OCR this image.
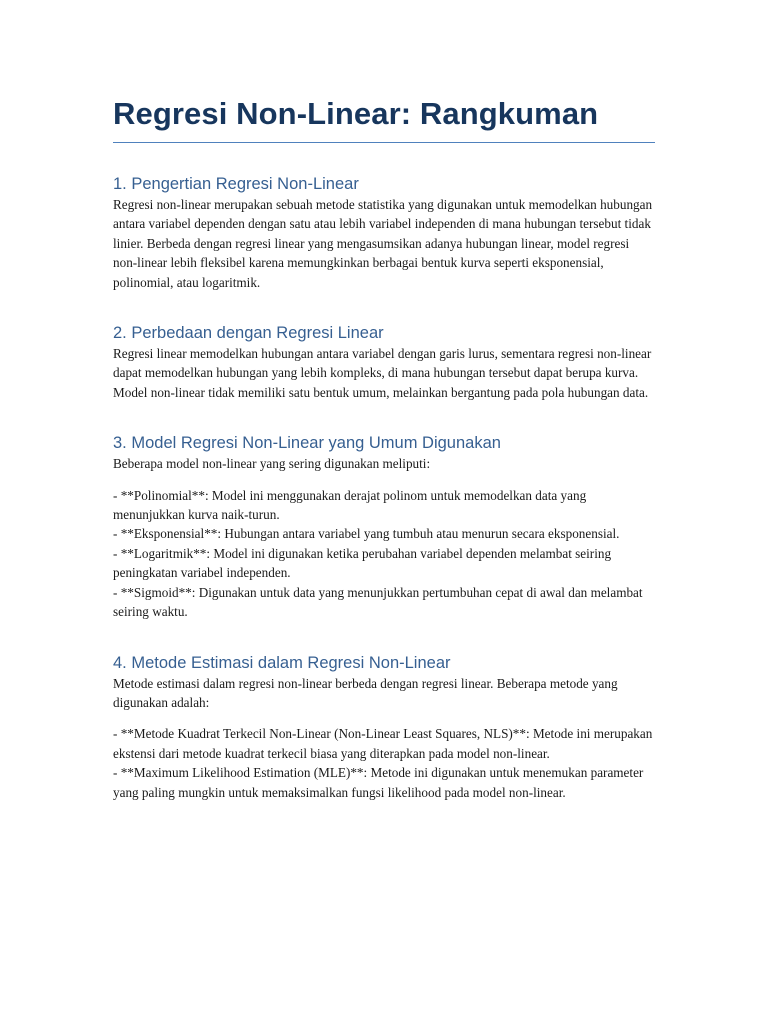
Regresi Non-Linear: Rangkuman
1. Pengertian Regresi Non-Linear

Regresi non-linear merupakan sebuah metode statistika yang digunakan untuk memodelkan hubungan antara variabel dependen dengan satu atau lebih variabel independen di mana hubungan tersebut tidak linier. Berbeda dengan regresi linear yang mengasumsikan adanya hubungan linear, model regresi non-linear lebih fleksibel karena memungkinkan berbagai bentuk kurva seperti eksponensial, polinomial, atau logaritmik.

2. Perbedaan dengan Regresi Linear

Regresi linear memodelkan hubungan antara variabel dengan garis lurus, sementara regresi non-linear dapat memodelkan hubungan yang lebih kompleks, di mana hubungan tersebut dapat berupa kurva. Model non-linear tidak memiliki satu bentuk umum, melainkan bergantung pada pola hubungan data.

3. Model Regresi Non-Linear yang Umum Digunakan

Beberapa model non-linear yang sering digunakan meliputi:

- **Polinomial**: Model ini menggunakan derajat polinom untuk memodelkan data yang menunjukkan kurva naik-turun.
- **Eksponensial**: Hubungan antara variabel yang tumbuh atau menurun secara eksponensial.
- **Logaritmik**: Model ini digunakan ketika perubahan variabel dependen melambat seiring peningkatan variabel independen.
- **Sigmoid**: Digunakan untuk data yang menunjukkan pertumbuhan cepat di awal dan melambat seiring waktu.

4. Metode Estimasi dalam Regresi Non-Linear

Metode estimasi dalam regresi non-linear berbeda dengan regresi linear. Beberapa metode yang digunakan adalah:

- **Metode Kuadrat Terkecil Non-Linear (Non-Linear Least Squares, NLS)**: Metode ini merupakan ekstensi dari metode kuadrat terkecil biasa yang diterapkan pada model non-linear.
- **Maximum Likelihood Estimation (MLE)**: Metode ini digunakan untuk menemukan parameter yang paling mungkin untuk memaksimalkan fungsi likelihood pada model non-linear.
